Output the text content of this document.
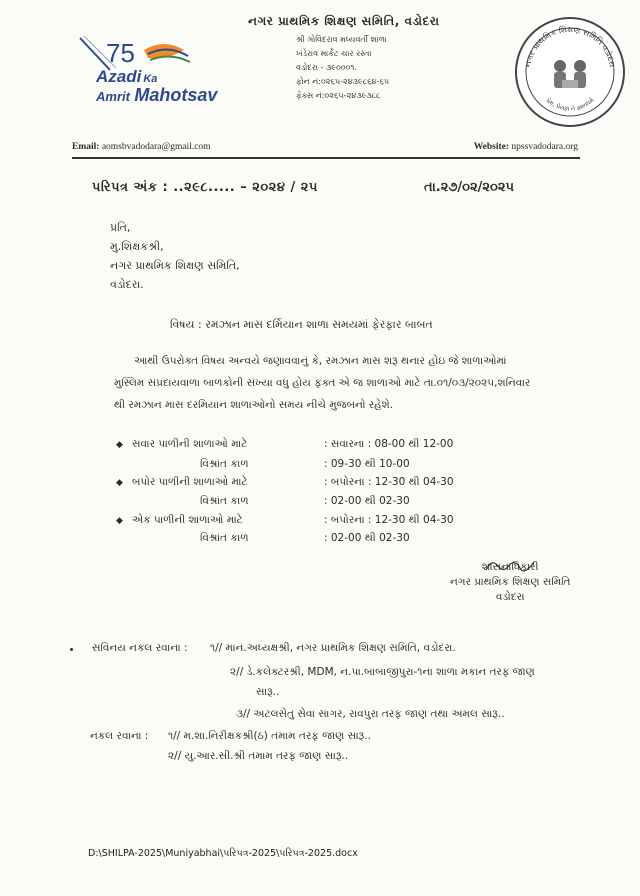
75
Azadi Ka
Amrit Mahotsav
નગર પ્રાથમિક શિક્ષણ સમિતિ, વડોદરા
શ્રી ગોવિંદરાવ મધ્યવર્તી શાળા
ખંડેરાવ માર્કેટ ચાર રસ્તા
વડોદરા - ૩૯૦૦૦૧.
ફોન નં:૦૨૬૫-૨૪૩૯૮૬૪-૬૫
ફેક્સ નં:૦૨૬૫-૨૪૩૯૩૮૮
નગર પ્રાથમિક શિક્ષણ સમિતિ વડોદરા
પ્રેમ, પ્રેરણા ને જ્ઞાનધર્મ
Email: aomsbvadodara@gmail.com	Website: npssvadodara.org
પરિપત્ર અંક : ..૨૯૮..... – ૨૦૨૪ / ૨૫	તા.૨૭/૦૨/૨૦૨૫
પ્રતિ,
મુ.શિક્ષકશ્રી,
નગર પ્રાથમિક શિક્ષણ સમિતિ,
વડોદરા.
વિષય : રમઝાન માસ દર્મિયાન શાળા સમયમાં ફેરફાર બાબત
આથી ઉપરોક્ત વિષય અન્વયે જણાવવાનું કે, રમઝાન માસ શરૂ થનાર હોઇ જે શાળાઓમાં
મુસ્લિમ સંપ્રદાયવાળા બાળકોની સંખ્યા વધુ હોય ફક્ત એ જ શાળાઓ માટે તા.૦૧/૦૩/૨૦૨૫,શનિવાર
થી રમઝાન માસ દરમિયાન શાળાઓનો સમય નીચે મુજબનો રહેશે.
◆ સવાર પાળીની શાળાઓ માટે	: સવારના : 08-00 થી 12-00
વિશ્રાંત કાળ	: 09-30 થી 10-00
◆ બપોર પાળીની શાળાઓ માટે	: બપોરના : 12-30 થી 04-30
વિશ્રાંત કાળ	: 02-00 થી 02-30
◆ એક પાળીની શાળાઓ માટે	: બપોરના : 12-30 થી 04-30
વિશ્રાંત કાળ	: 02-00 થી 02-30
શાસનાધિકારી
નગર પ્રાથમિક શિક્ષણ સમિતિ
વડોદરા
સવિનય નકલ રવાના : ૧// માન.અધ્યક્ષશ્રી, નગર પ્રાથમિક શિક્ષણ સમિતિ, વડોદરા.
૨// ડે.કલેક્ટરશ્રી, MDM, ન.પા.બાબાજીપુરા-૧ના શાળા મકાન તરફ જાણ
સારૂ..
૩// અટલસેતુ સેવા સાગર, રાવપુરા તરફ જાણ તથા અમલ સારૂ..
નકલ રવાના : ૧// મ.શા.નિરીક્ષકશ્રી(ઠ) તમામ તરફ જાણ સારૂ..
૨// યુ.આર.સી.શ્રી તમામ તરફ જાણ સારૂ..
D:\SHILPA-2025\Muniyabhai\પરિપત્ર-2025\પરિપત્ર-2025.docx
